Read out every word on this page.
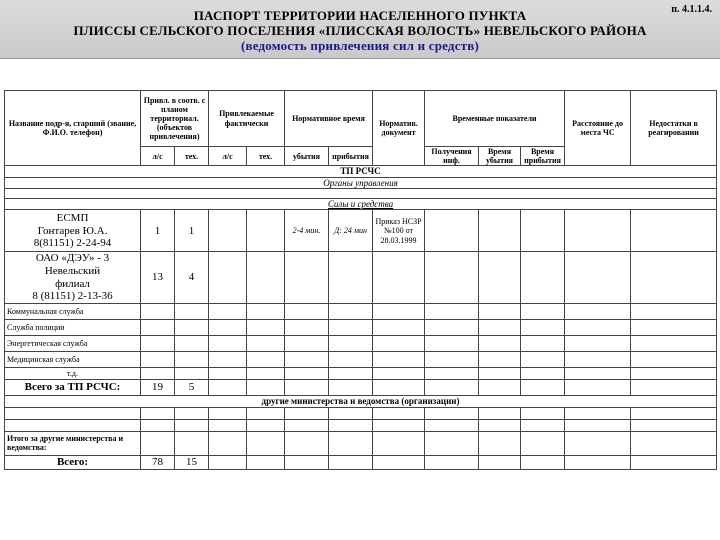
п. 4.1.1.4.
ПАСПОРТ ТЕРРИТОРИИ НАСЕЛЕННОГО ПУНКТА
ПЛИССЫ СЕЛЬСКОГО ПОСЕЛЕНИЯ «ПЛИССКАЯ ВОЛОСТЬ» НЕВЕЛЬСКОГО РАЙОНА
(ведомость привлечения сил и средств)
Название подр-я, старший (звание, Ф.И.О. телефон)	Привл. в соотв. с планом территориал. (объектов привлечения)		Привлекаемые фактически		Нормативное время		Норматив. документ	Временные показатели			Расстояние до места ЧС	Недостатки в реагировании
	л/с	тех.	л/с	тех.	убытия	прибытия		Получения инф.	Время убытия	Время прибытия		
ТП РСЧС												
Органы управления												

Силы и средства												

ЕСМП
Гонтарев Ю.А.
8(81151) 2-24-94	1	1			2-4 мин.	Д: 24 мин	Приказ НСЗР №100 от 28.03.1999					

ОАО «ДЭУ» - 3 Невельский
филиал
8 (81151) 2-13-36	13	4										
Коммунальная служба												
Служба полиции												
Энергетическая служба												
Медицинская служба												
т.д.												
Всего за ТП РСЧС:	19	5										
другие министерства и ведомства (организации)												

Итого за другие министерства и ведомства:												
Всего:	78	15										
